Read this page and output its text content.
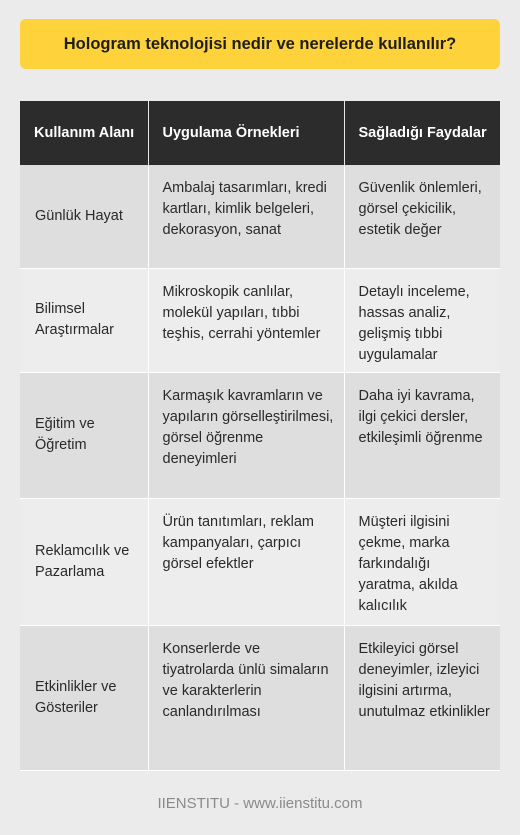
Hologram teknolojisi nedir ve nerelerde kullanılır?
Kullanım Alanı	Uygulama Örnekleri	Sağladığı Faydalar
Günlük Hayat	Ambalaj tasarımları, kredi kartları, kimlik belgeleri, dekorasyon, sanat	Güvenlik önlemleri, görsel çekicilik, estetik değer
Bilimsel Araştırmalar	Mikroskopik canlılar, molekül yapıları, tıbbi teşhis, cerrahi yöntemler	Detaylı inceleme, hassas analiz, gelişmiş tıbbi uygulamalar
Eğitim ve Öğretim	Karmaşık kavramların ve yapıların görselleştirilmesi, görsel öğrenme deneyimleri	Daha iyi kavrama, ilgi çekici dersler, etkileşimli öğrenme
Reklamcılık ve Pazarlama	Ürün tanıtımları, reklam kampanyaları, çarpıcı görsel efektler	Müşteri ilgisini çekme, marka farkındalığı yaratma, akılda kalıcılık
Etkinlikler ve Gösteriler	Konserlerde ve tiyatrolarda ünlü simaların ve karakterlerin canlandırılması	Etkileyici görsel deneyimler, izleyici ilgisini artırma, unutulmaz etkinlikler
IIENSTITU - www.iienstitu.com
